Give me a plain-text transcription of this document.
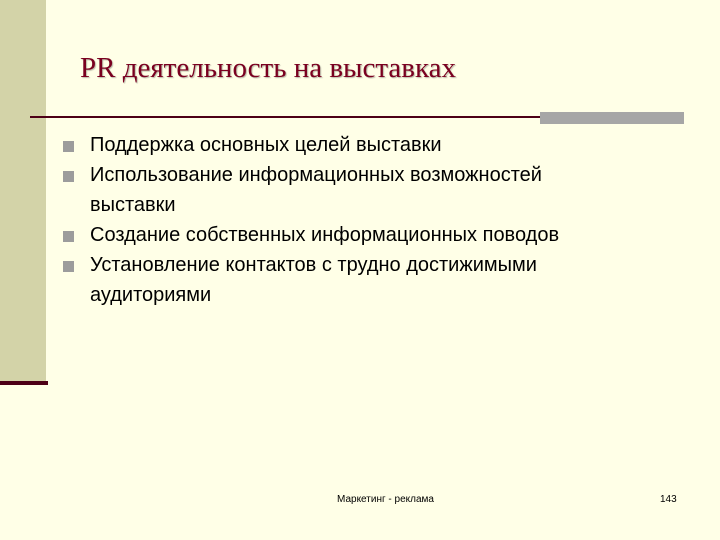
PR деятельность на выставках
Поддержка основных целей выставки
Использование информационных возможностей
выставки
Создание собственных информационных поводов
Установление контактов с трудно достижимыми
аудиториями
Маркетинг - реклама	143
